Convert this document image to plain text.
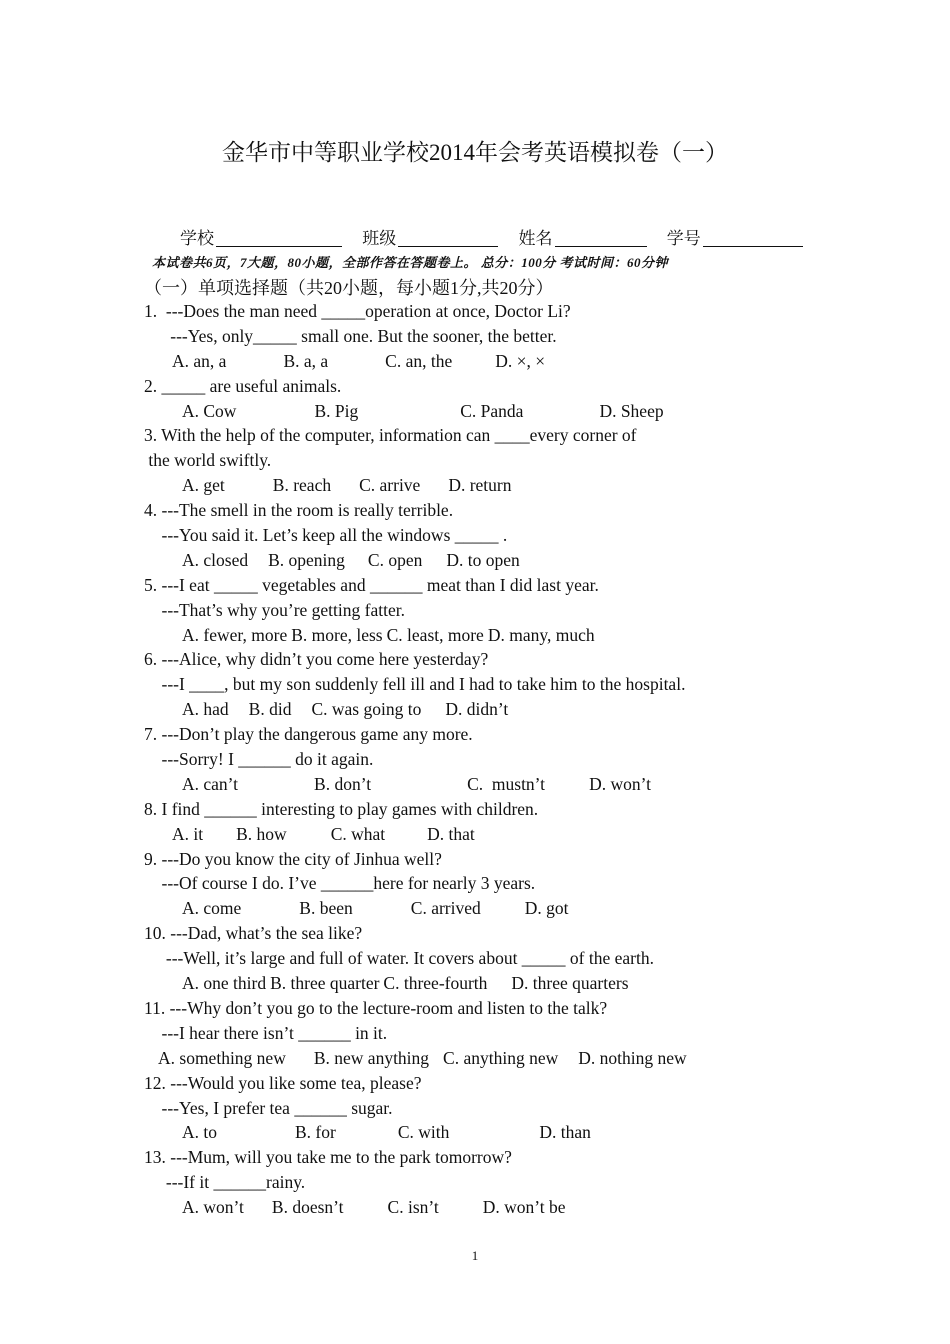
金华市中等职业学校2014年会考英语模拟卷（一）
学校	班级	姓名	学号
本试卷共6页，7大题，80小题，全部作答在答题卷上。 总分：100分 考试时间：60分钟
（一）单项选择题（共20小题，每小题1分,共20分）
1.  ---Does the man need _____operation at once, Doctor Li?
---Yes, only_____ small one. But the sooner, the better.
A. an, a	B. a, a	C. an, the D. ×, ×
2. _____ are useful animals.
A. Cow	B. Pig	C. Panda	D. Sheep
3. With the help of the computer, information can ____every corner of
the world swiftly.
A. get	B. reach C. arrive D. return
4. ---The smell in the room is really terrible.
---You said it. Let’s keep all the windows _____ .
A. closed B. opening C. open D. to open
5. ---I eat _____ vegetables and ______ meat than I did last year.
---That’s why you’re getting fatter.
A. fewer, more B. more, less C. least, more D. many, much
6. ---Alice, why didn’t you come here yesterday?
---I ____, but my son suddenly fell ill and I had to take him to the hospital.
A. had B. did C. was going to D. didn’t
7. ---Don’t play the dangerous game any more.
---Sorry! I ______ do it again.
A. can’t	B. don’t	C.  mustn’t	D. won’t
8. I find ______ interesting to play games with children.
A. it B. how	C. what D. that
9. ---Do you know the city of Jinhua well?
---Of course I do. I’ve ______here for nearly 3 years.
A. come	B. been	C. arrived	D. got
10. ---Dad, what’s the sea like?
---Well, it’s large and full of water. It covers about _____ of the earth.
A. one third B. three quarter C. three-fourth D. three quarters
11. ---Why don’t you go to the lecture-room and listen to the talk?
---I hear there isn’t ______ in it.
A. something new B. new anything C. anything new D. nothing new
12. ---Would you like some tea, please?
---Yes, I prefer tea ______ sugar.
A. to	B. for	C. with	D. than
13. ---Mum, will you take me to the park tomorrow?
---If it ______rainy.
A. won’t B. doesn’t	C. isn’t	D. won’t be
1
